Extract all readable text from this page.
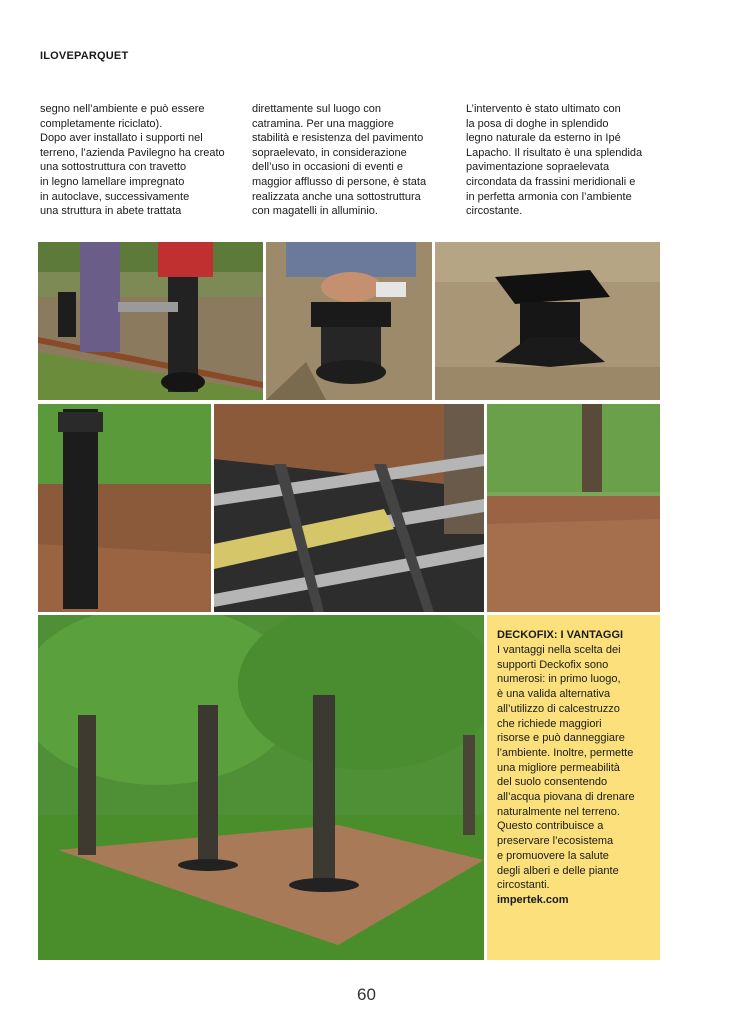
ILOVEPARQUET
segno nell’ambiente e può essere
completamente riciclato).
Dopo aver installato i supporti nel
terreno, l’azienda Pavilegno ha creato
una sottostruttura con travetto
in legno lamellare impregnato
in autoclave, successivamente
una struttura in abete trattata
direttamente sul luogo con
catramina. Per una maggiore
stabilità e resistenza del pavimento
sopraelevato, in considerazione
dell’uso in occasioni di eventi e
maggior afflusso di persone, è stata
realizzata anche una sottostruttura
con magatelli in alluminio.
L’intervento è stato ultimato con
la posa di doghe in splendido
legno naturale da esterno in Ipé
Lapacho. Il risultato è una splendida
pavimentazione sopraelevata
circondata da frassini meridionali e
in perfetta armonia con l’ambiente
circostante.
DECKOFIX: I VANTAGGI
I vantaggi nella scelta dei
supporti Deckofix sono
numerosi: in primo luogo,
è una valida alternativa
all’utilizzo di calcestruzzo
che richiede maggiori
risorse e può danneggiare
l’ambiente. Inoltre, permette
una migliore permeabilità
del suolo consentendo
all’acqua piovana di drenare
naturalmente nel terreno.
Questo contribuisce a
preservare l’ecosistema
e promuovere la salute
degli alberi e delle piante
circostanti.
impertek.com
60
